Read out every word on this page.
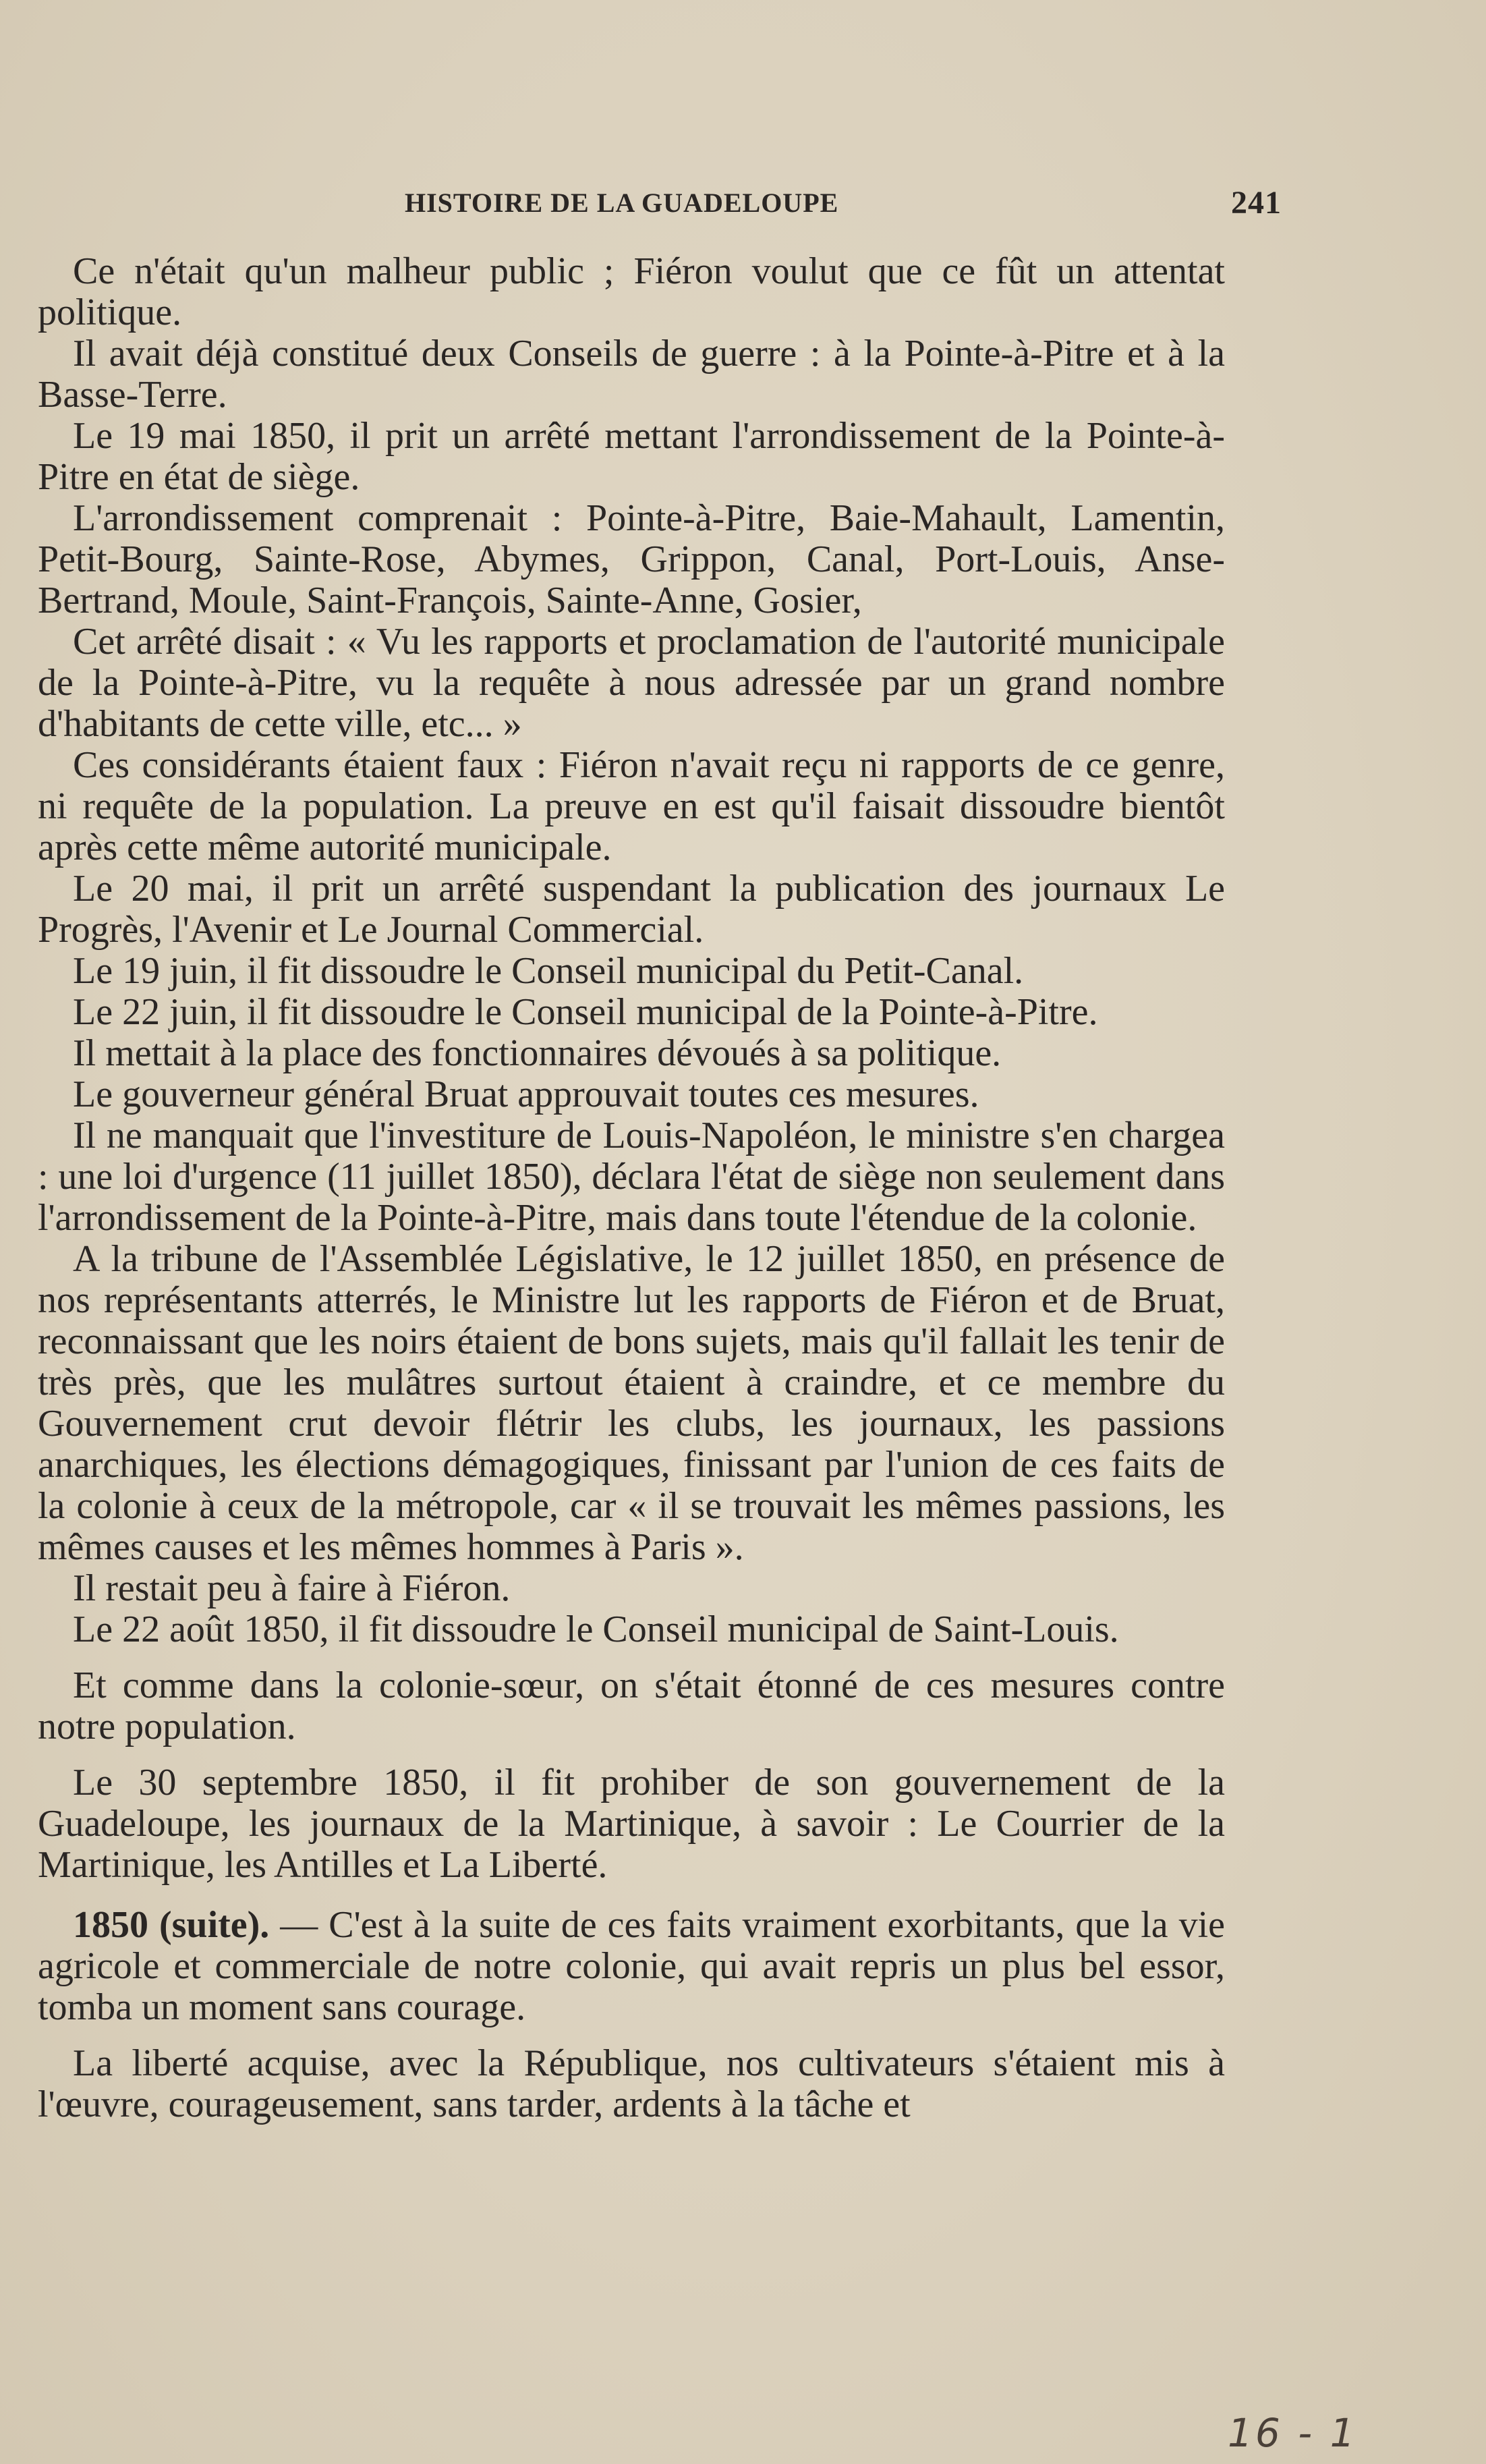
HISTOIRE DE LA GUADELOUPE	241

Ce n'était qu'un malheur public ; Fiéron voulut que ce fût un attentat politique.

Il avait déjà constitué deux Conseils de guerre : à la Pointe-à-Pitre et à la Basse-Terre.

Le 19 mai 1850, il prit un arrêté mettant l'arrondissement de la Pointe-à-Pitre en état de siège.

L'arrondissement comprenait : Pointe-à-Pitre, Baie-Mahault, Lamentin, Petit-Bourg, Sainte-Rose, Abymes, Grippon, Canal, Port-Louis, Anse-Bertrand, Moule, Saint-François, Sainte-Anne, Gosier,

Cet arrêté disait : « Vu les rapports et proclamation de l'autorité municipale de la Pointe-à-Pitre, vu la requête à nous adressée par un grand nombre d'habitants de cette ville, etc... »

Ces considérants étaient faux : Fiéron n'avait reçu ni rapports de ce genre, ni requête de la population. La preuve en est qu'il faisait dissoudre bientôt après cette même autorité municipale.

Le 20 mai, il prit un arrêté suspendant la publication des journaux Le Progrès, l'Avenir et Le Journal Commercial.

Le 19 juin, il fit dissoudre le Conseil municipal du Petit-Canal.

Le 22 juin, il fit dissoudre le Conseil municipal de la Pointe-à-Pitre.

Il mettait à la place des fonctionnaires dévoués à sa politique.

Le gouverneur général Bruat approuvait toutes ces mesures.

Il ne manquait que l'investiture de Louis-Napoléon, le ministre s'en chargea : une loi d'urgence (11 juillet 1850), déclara l'état de siège non seulement dans l'arrondissement de la Pointe-à-Pitre, mais dans toute l'étendue de la colonie.

A la tribune de l'Assemblée Législative, le 12 juillet 1850, en présence de nos représentants atterrés, le Ministre lut les rapports de Fiéron et de Bruat, reconnaissant que les noirs étaient de bons sujets, mais qu'il fallait les tenir de très près, que les mulâtres surtout étaient à craindre, et ce membre du Gouvernement crut devoir flétrir les clubs, les journaux, les passions anarchiques, les élections démagogiques, finissant par l'union de ces faits de la colonie à ceux de la métropole, car « il se trouvait les mêmes passions, les mêmes causes et les mêmes hommes à Paris ».

Il restait peu à faire à Fiéron.

Le 22 août 1850, il fit dissoudre le Conseil municipal de Saint-Louis.

Et comme dans la colonie-sœur, on s'était étonné de ces mesures contre notre population.

Le 30 septembre 1850, il fit prohiber de son gouvernement de la Guadeloupe, les journaux de la Martinique, à savoir : Le Courrier de la Martinique, les Antilles et La Liberté.

1850 (suite). — C'est à la suite de ces faits vraiment exorbitants, que la vie agricole et commerciale de notre colonie, qui avait repris un plus bel essor, tomba un moment sans courage.

La liberté acquise, avec la République, nos cultivateurs s'étaient mis à l'œuvre, courageusement, sans tarder, ardents à la tâche et

16 - 1
